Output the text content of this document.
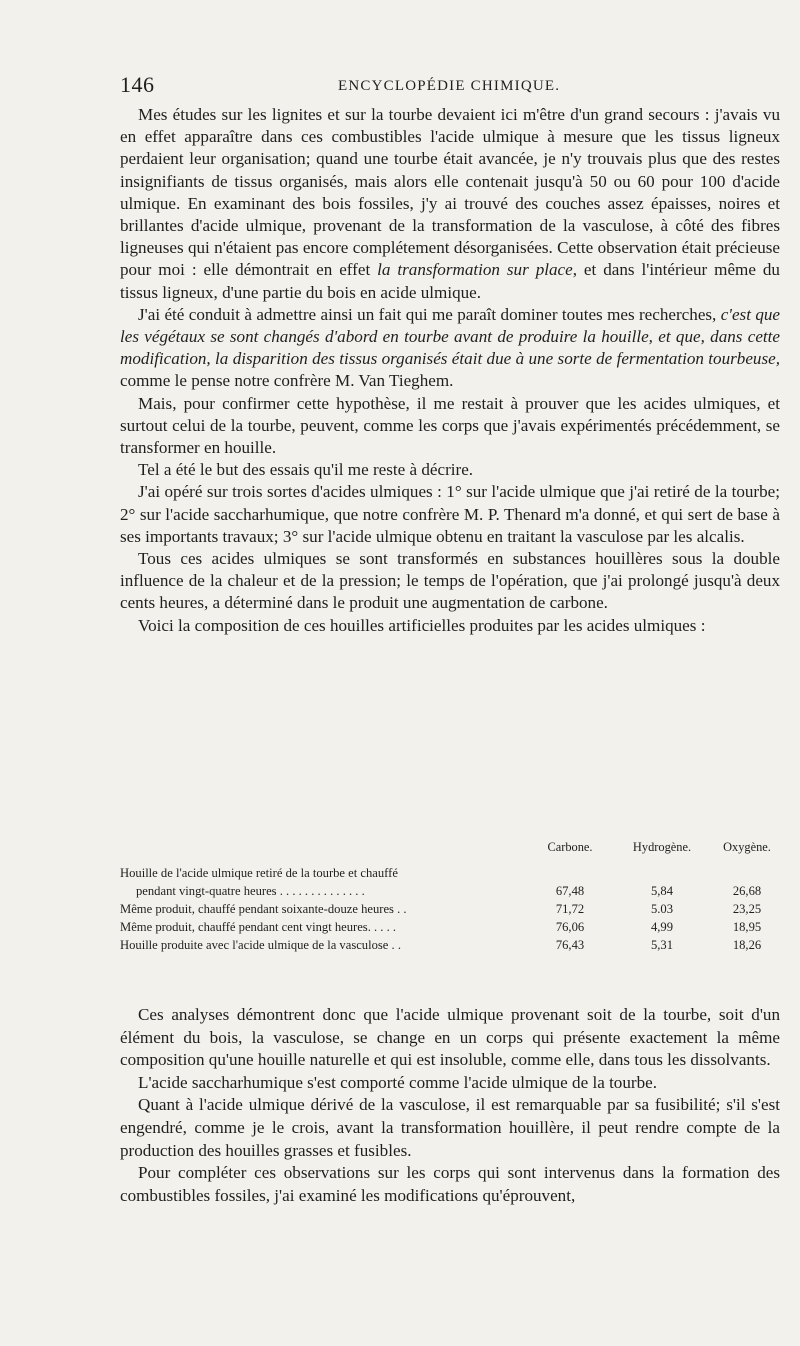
146	ENCYCLOPÉDIE CHIMIQUE.

Mes études sur les lignites et sur la tourbe devaient ici m'être d'un grand secours : j'avais vu en effet apparaître dans ces combustibles l'acide ulmique à mesure que les tissus ligneux perdaient leur organisation; quand une tourbe était avancée, je n'y trouvais plus que des restes insignifiants de tissus organisés, mais alors elle contenait jusqu'à 50 ou 60 pour 100 d'acide ulmique. En examinant des bois fossiles, j'y ai trouvé des couches assez épaisses, noires et brillantes d'acide ulmique, provenant de la transformation de la vasculose, à côté des fibres ligneuses qui n'étaient pas encore complétement désorganisées. Cette observation était précieuse pour moi : elle démontrait en effet la transformation sur place, et dans l'intérieur même du tissus ligneux, d'une partie du bois en acide ulmique.

J'ai été conduit à admettre ainsi un fait qui me paraît dominer toutes mes recherches, c'est que les végétaux se sont changés d'abord en tourbe avant de produire la houille, et que, dans cette modification, la disparition des tissus organisés était due à une sorte de fermentation tourbeuse, comme le pense notre confrère M. Van Tieghem.

Mais, pour confirmer cette hypothèse, il me restait à prouver que les acides ulmiques, et surtout celui de la tourbe, peuvent, comme les corps que j'avais expérimentés précédemment, se transformer en houille.

Tel a été le but des essais qu'il me reste à décrire.

J'ai opéré sur trois sortes d'acides ulmiques : 1° sur l'acide ulmique que j'ai retiré de la tourbe; 2° sur l'acide saccharhumique, que notre confrère M. P. Thenard m'a donné, et qui sert de base à ses importants travaux; 3° sur l'acide ulmique obtenu en traitant la vasculose par les alcalis.

Tous ces acides ulmiques se sont transformés en substances houillères sous la double influence de la chaleur et de la pression; le temps de l'opération, que j'ai prolongé jusqu'à deux cents heures, a déterminé dans le produit une augmentation de carbone.

Voici la composition de ces houilles artificielles produites par les acides ulmiques :

Carbone.	Hydrogène.	Oxygène.
Houille de l'acide ulmique retiré de la tourbe et chauffé
pendant vingt-quatre heures . . . . . . . . . . . . . .	67,48	5,84	26,68
Même produit, chauffé pendant soixante-douze heures . .	71,72	5.03	23,25
Même produit, chauffé pendant cent vingt heures. . . . .	76,06	4,99	18,95
Houille produite avec l'acide ulmique de la vasculose . .	76,43	5,31	18,26

Ces analyses démontrent donc que l'acide ulmique provenant soit de la tourbe, soit d'un élément du bois, la vasculose, se change en un corps qui présente exactement la même composition qu'une houille naturelle et qui est insoluble, comme elle, dans tous les dissolvants.

L'acide saccharhumique s'est comporté comme l'acide ulmique de la tourbe.

Quant à l'acide ulmique dérivé de la vasculose, il est remarquable par sa fusibilité; s'il s'est engendré, comme je le crois, avant la transformation houillère, il peut rendre compte de la production des houilles grasses et fusibles.

Pour compléter ces observations sur les corps qui sont intervenus dans la formation des combustibles fossiles, j'ai examiné les modifications qu'éprouvent,
